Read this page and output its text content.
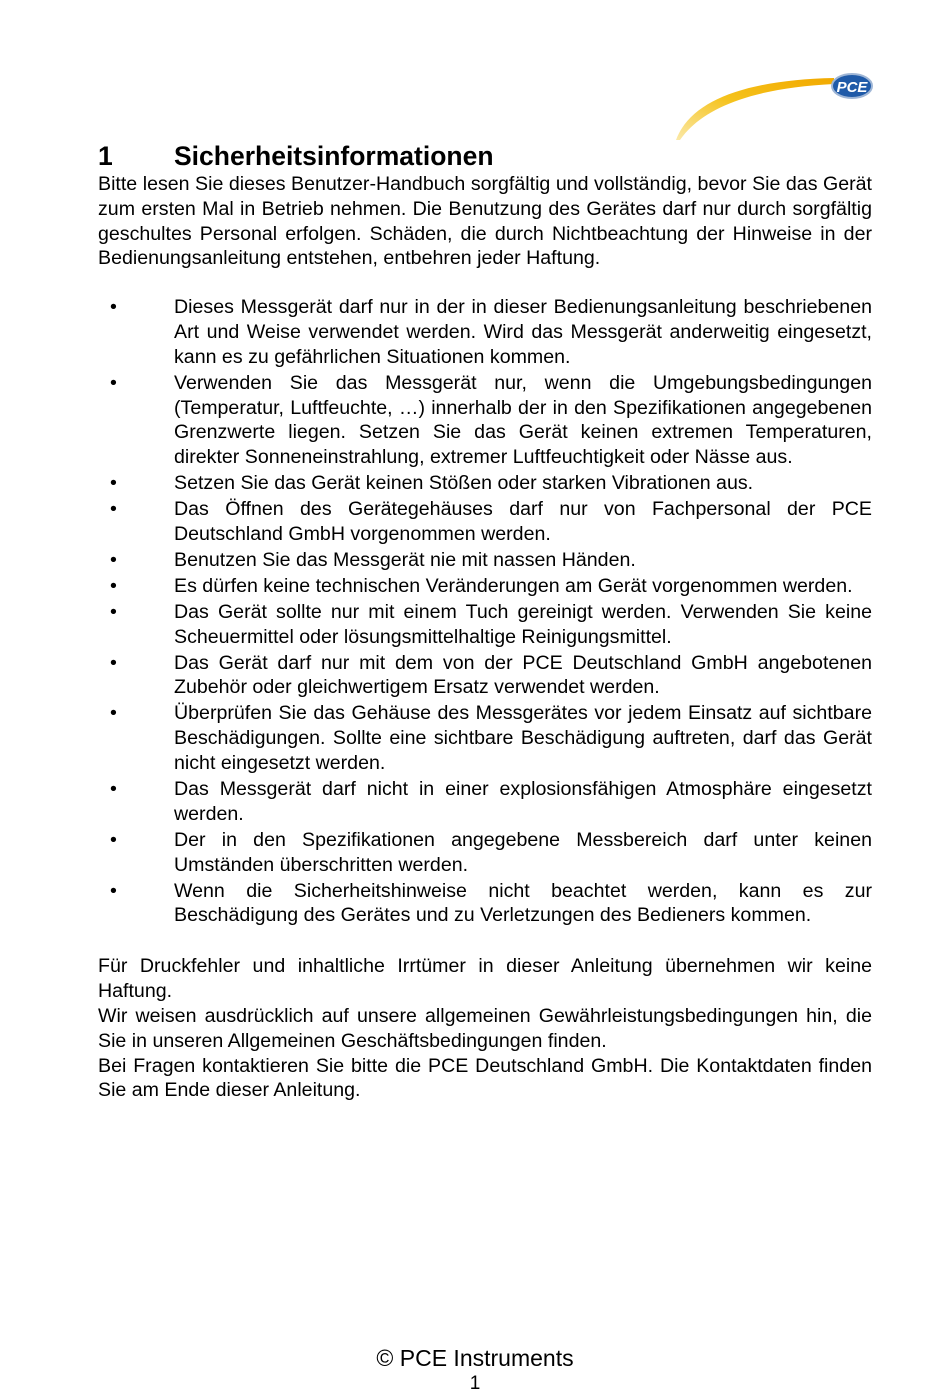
PCE
1	Sicherheitsinformationen

Bitte lesen Sie dieses Benutzer-Handbuch sorgfältig und vollständig, bevor Sie das Gerät zum ersten Mal in Betrieb nehmen. Die Benutzung des Gerätes darf nur durch sorgfältig geschultes Personal erfolgen. Schäden, die durch Nichtbeachtung der Hinweise in der Bedienungsanleitung entstehen, entbehren jeder Haftung.

•	Dieses Messgerät darf nur in der in dieser Bedienungsanleitung beschriebenen Art und Weise verwendet werden. Wird das Messgerät anderweitig eingesetzt, kann es zu gefährlichen Situationen kommen.
•	Verwenden Sie das Messgerät nur, wenn die Umgebungsbedingungen (Temperatur, Luftfeuchte, …) innerhalb der in den Spezifikationen angegebenen Grenzwerte liegen. Setzen Sie das Gerät keinen extremen Temperaturen, direkter Sonneneinstrahlung, extremer Luftfeuchtigkeit oder Nässe aus.
•	Setzen Sie das Gerät keinen Stößen oder starken Vibrationen aus.
•	Das Öffnen des Gerätegehäuses darf nur von Fachpersonal der PCE Deutschland GmbH vorgenommen werden.
•	Benutzen Sie das Messgerät nie mit nassen Händen.
•	Es dürfen keine technischen Veränderungen am Gerät vorgenommen werden.
•	Das Gerät sollte nur mit einem Tuch gereinigt werden. Verwenden Sie keine Scheuermittel oder lösungsmittelhaltige Reinigungsmittel.
•	Das Gerät darf nur mit dem von der PCE Deutschland GmbH angebotenen Zubehör oder gleichwertigem Ersatz verwendet werden.
•	Überprüfen Sie das Gehäuse des Messgerätes vor jedem Einsatz auf sichtbare Beschädigungen. Sollte eine sichtbare Beschädigung auftreten, darf das Gerät nicht eingesetzt werden.
•	Das Messgerät darf nicht in einer explosionsfähigen Atmosphäre eingesetzt werden.
•	Der in den Spezifikationen angegebene Messbereich darf unter keinen Umständen überschritten werden.
•	Wenn die Sicherheitshinweise nicht beachtet werden, kann es zur Beschädigung des Gerätes und zu Verletzungen des Bedieners kommen.

Für Druckfehler und inhaltliche Irrtümer in dieser Anleitung übernehmen wir keine Haftung.

Wir weisen ausdrücklich auf unsere allgemeinen Gewährleistungsbedingungen hin, die Sie in unseren Allgemeinen Geschäftsbedingungen finden.

Bei Fragen kontaktieren Sie bitte die PCE Deutschland GmbH. Die Kontaktdaten finden Sie am Ende dieser Anleitung.

© PCE Instruments
1
